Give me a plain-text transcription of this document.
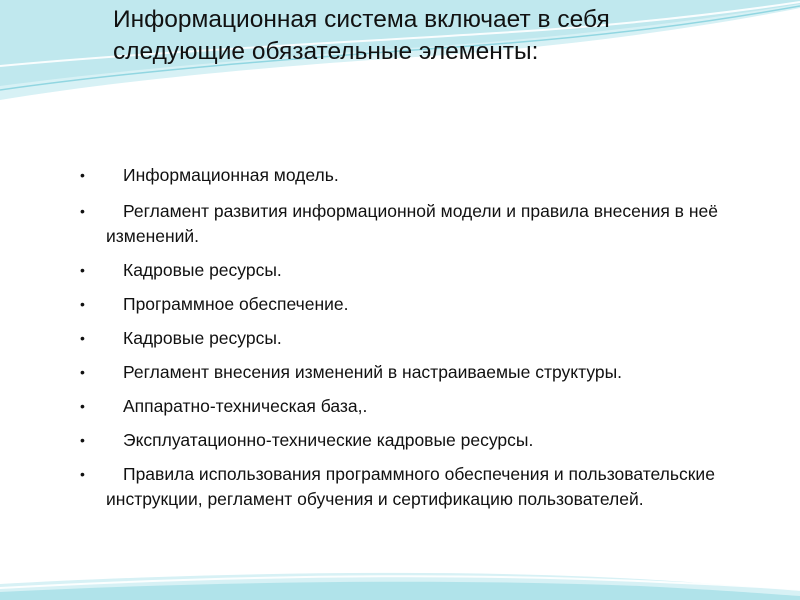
Информационная система включает в себя
следующие обязательные элементы:
• Информационная модель.
•	Регламент развития информационной модели и правила внесения в неё изменений.
• Кадровые ресурсы.
• Программное обеспечение.
• Кадровые ресурсы.
• Регламент внесения изменений в настраиваемые структуры.
• Аппаратно-техническая база,.
• Эксплуатационно-технические кадровые ресурсы.
•	Правила использования программного обеспечения и пользовательские инструкции, регламент обучения и сертификацию пользователей.
